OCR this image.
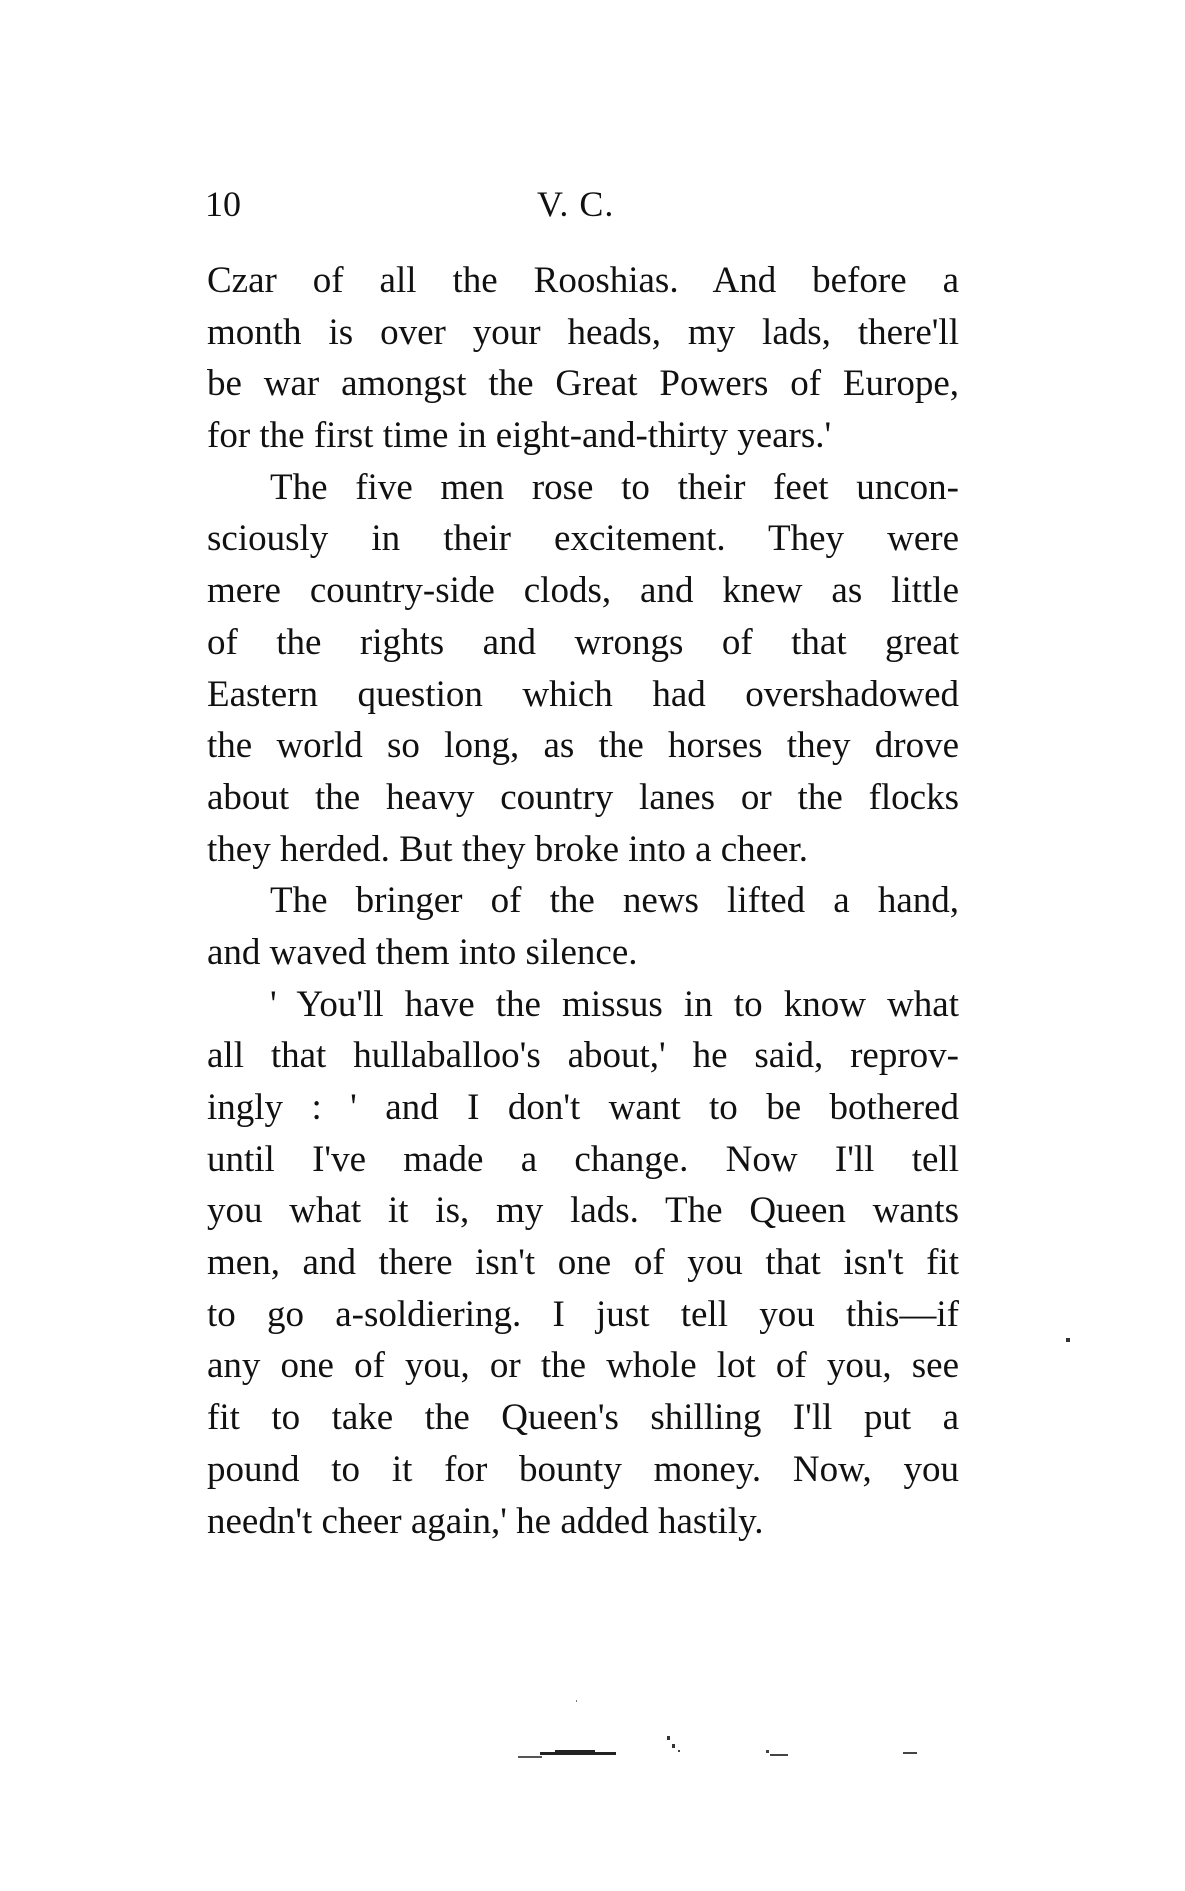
10	V. C.
Czar of all the Rooshias. And before a
month is over your heads, my lads, there'll
be war amongst the Great Powers of Europe,
for the first time in eight-and-thirty years.'
The five men rose to their feet uncon-
sciously in their excitement. They were
mere country-side clods, and knew as little
of the rights and wrongs of that great
Eastern question which had overshadowed
the world so long, as the horses they drove
about the heavy country lanes or the flocks
they herded. But they broke into a cheer.
The bringer of the news lifted a hand,
and waved them into silence.
' You'll have the missus in to know what
all that hullaballoo's about,' he said, reprov-
ingly : ' and I don't want to be bothered
until I've made a change. Now I'll tell
you what it is, my lads. The Queen wants
men, and there isn't one of you that isn't fit
to go a-soldiering. I just tell you this—if
any one of you, or the whole lot of you, see
fit to take the Queen's shilling I'll put a
pound to it for bounty money. Now, you
needn't cheer again,' he added hastily.
